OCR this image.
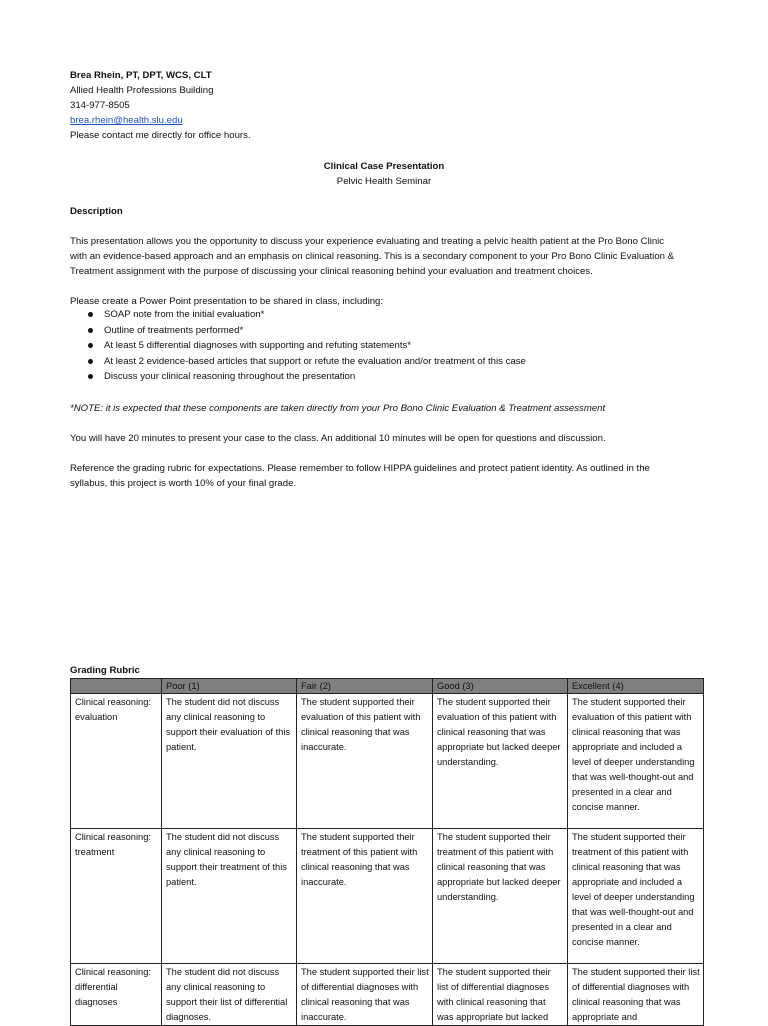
Brea Rhein, PT, DPT, WCS, CLT
Allied Health Professions Building
314-977-8505
brea.rhein@health.slu.edu
Please contact me directly for office hours.
Clinical Case Presentation
Pelvic Health Seminar
Description
This presentation allows you the opportunity to discuss your experience evaluating and treating a pelvic health patient at the Pro Bono Clinic
with an evidence-based approach and an emphasis on clinical reasoning. This is a secondary component to your Pro Bono Clinic Evaluation &
Treatment assignment with the purpose of discussing your clinical reasoning behind your evaluation and treatment choices.
Please create a Power Point presentation to be shared in class, including:
SOAP note from the initial evaluation*
Outline of treatments performed*
At least 5 differential diagnoses with supporting and refuting statements*
At least 2 evidence-based articles that support or refute the evaluation and/or treatment of this case
Discuss your clinical reasoning throughout the presentation
*NOTE: it is expected that these components are taken directly from your Pro Bono Clinic Evaluation & Treatment assessment
You will have 20 minutes to present your case to the class. An additional 10 minutes will be open for questions and discussion.
Reference the grading rubric for expectations. Please remember to follow HIPPA guidelines and protect patient identity. As outlined in the
syllabus, this project is worth 10% of your final grade.
Grading Rubric
	Poor (1)	Fair (2)	Good (3)	Excellent (4)
Clinical reasoning: evaluation	The student did not discuss any clinical reasoning to support their evaluation of this patient.	The student supported their evaluation of this patient with clinical reasoning that was inaccurate.	The student supported their evaluation of this patient with clinical reasoning that was appropriate but lacked deeper understanding.	The student supported their evaluation of this patient with clinical reasoning that was appropriate and included a level of deeper understanding that was well-thought-out and presented in a clear and concise manner.
Clinical reasoning: treatment	The student did not discuss any clinical reasoning to support their treatment of this patient.	The student supported their treatment of this patient with clinical reasoning that was inaccurate.	The student supported their treatment of this patient with clinical reasoning that was appropriate but lacked deeper understanding.	The student supported their treatment of this patient with clinical reasoning that was appropriate and included a level of deeper understanding that was well-thought-out and presented in a clear and concise manner.
Clinical reasoning: differential diagnoses	The student did not discuss any clinical reasoning to support their list of differential diagnoses.	The student supported their list of differential diagnoses with clinical reasoning that was inaccurate.	The student supported their list of differential diagnoses with clinical reasoning that was appropriate but lacked	The student supported their list of differential diagnoses with clinical reasoning that was appropriate and
